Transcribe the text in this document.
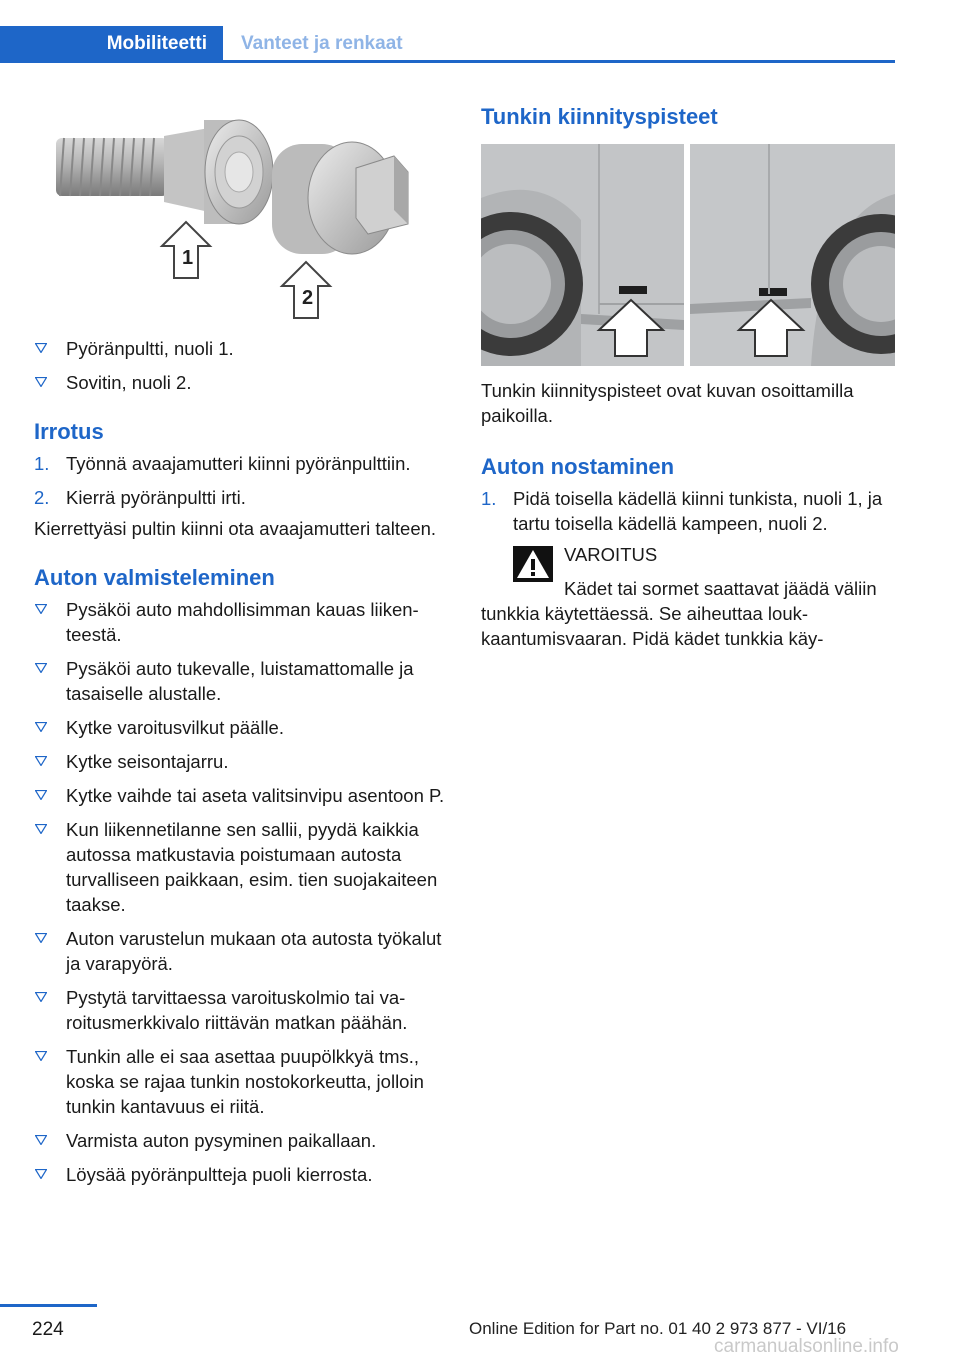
Mobiliteetti	Vanteet ja renkaat
1
2
Pyöränpultti, nuoli 1.
Sovitin, nuoli 2.
Irrotus
1. Työnnä avaajamutteri kiinni pyöränpulttiin.
2. Kierrä pyöränpultti irti.

Kierrettyäsi pultin kiinni ota avaajamutteri talteen.

Auton valmisteleminen
Pysäköi auto mahdollisimman kauas liikenteestä.
Pysäköi auto tukevalle, luistamattomalle ja tasaiselle alustalle.
Kytke varoitusvilkut päälle.
Kytke seisontajarru.
Kytke vaihde tai aseta valitsinvipu asentoon P.
Kun liikennetilanne sen sallii, pyydä kaikkia autossa matkustavia poistumaan autosta turvalliseen paikkaan, esim. tien suojakaiteen taakse.
Auton varustelun mukaan ota autosta työkalut ja varapyörä.
Pystytä tarvittaessa varoituskolmio tai varoitusmerkkivalo riittävän matkan päähän.
Tunkin alle ei saa asettaa puupölkkyä tms., koska se rajaa tunkin nostokorkeutta, jolloin tunkin kantavuus ei riitä.
Varmista auton pysyminen paikallaan.
Löysää pyöränpultteja puoli kierrosta.
Tunkin kiinnityspisteet

Tunkin kiinnityspisteet ovat kuvan osoittamilla paikoilla.

Auton nostaminen
1. Pidä toisella kädellä kiinni tunkista, nuoli 1, ja tartu toisella kädellä kampeen, nuoli 2.
VAROITUS

Kädet tai sormet saattavat jäädä väliin tunkkia käytettäessä. Se aiheuttaa loukkaantumisvaaran. Pidä kädet tunkkia käy-

224	Online Edition for Part no. 01 40 2 973 877 - VI/16
carmanualsonline.info
